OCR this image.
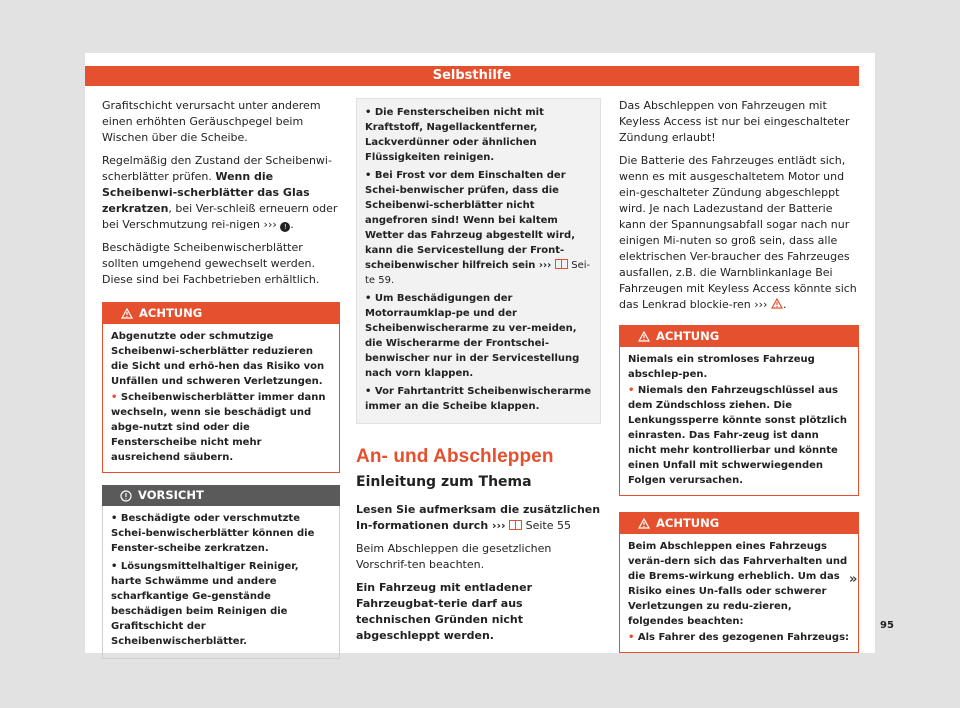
Selbsthilfe

Grafitschicht verursacht unter anderem einen erhöhten Geräuschpegel beim Wischen über die Scheibe.

Regelmäßig den Zustand der Scheibenwi-scherblätter prüfen. Wenn die Scheibenwi-scherblätter das Glas zerkratzen, bei Ver-schleiß erneuern oder bei Verschmutzung rei-nigen ››› ! .

Beschädigte Scheibenwischerblätter sollten umgehend gewechselt werden. Diese sind bei Fachbetrieben erhältlich.

ACHTUNG
Abgenutzte oder schmutzige Scheibenwi-scherblätter reduzieren die Sicht und erhö-hen das Risiko von Unfällen und schweren Verletzungen.
• Scheibenwischerblätter immer dann wechseln, wenn sie beschädigt und abge-nutzt sind oder die Fensterscheibe nicht mehr ausreichend säubern.
VORSICHT
• Beschädigte oder verschmutzte Schei-benwischerblätter können die Fenster-scheibe zerkratzen.
• Lösungsmittelhaltiger Reiniger, harte Schwämme und andere scharfkantige Ge-genstände beschädigen beim Reinigen die Grafitschicht der Scheibenwischerblätter.
• Die Fensterscheiben nicht mit Kraftstoff, Nagellackentferner, Lackverdünner oder ähnlichen Flüssigkeiten reinigen.
• Bei Frost vor dem Einschalten der Schei-benwischer prüfen, dass die Scheibenwi-scherblätter nicht angefroren sind! Wenn bei kaltem Wetter das Fahrzeug abgestellt wird, kann die Servicestellung der Front-scheibenwischer hilfreich sein ››› Sei-te 59.
• Um Beschädigungen der Motorraumklap-pe und der Scheibenwischerarme zu ver-meiden, die Wischerarme der Frontschei-benwischer nur in der Servicestellung nach vorn klappen.
• Vor Fahrtantritt Scheibenwischerarme immer an die Scheibe klappen.
An- und Abschleppen
Einleitung zum Thema

Lesen Sie aufmerksam die zusätzlichen In-formationen durch ››› Seite 55

Beim Abschleppen die gesetzlichen Vorschrif-ten beachten.

Ein Fahrzeug mit entladener Fahrzeugbat-terie darf aus technischen Gründen nicht abgeschleppt werden.

Das Abschleppen von Fahrzeugen mit Keyless Access ist nur bei eingeschalteter Zündung erlaubt!

Die Batterie des Fahrzeuges entlädt sich, wenn es mit ausgeschaltetem Motor und ein-geschalteter Zündung abgeschleppt wird. Je nach Ladezustand der Batterie kann der Spannungsabfall sogar nach nur einigen Mi-nuten so groß sein, dass alle elektrischen Ver-braucher des Fahrzeuges ausfallen, z.B. die Warnblinkanlage Bei Fahrzeugen mit Keyless Access könnte sich das Lenkrad blockie-ren ››› .

ACHTUNG
Niemals ein stromloses Fahrzeug abschlep-pen.
• Niemals den Fahrzeugschlüssel aus dem Zündschloss ziehen. Die Lenkungssperre könnte sonst plötzlich einrasten. Das Fahr-zeug ist dann nicht mehr kontrollierbar und könnte einen Unfall mit schwerwiegenden Folgen verursachen.
ACHTUNG
Beim Abschleppen eines Fahrzeugs verän-dern sich das Fahrverhalten und die Brems-wirkung erheblich. Um das Risiko eines Un-falls oder schwerer Verletzungen zu redu-zieren, folgendes beachten:
• Als Fahrer des gezogenen Fahrzeugs:
»
95
